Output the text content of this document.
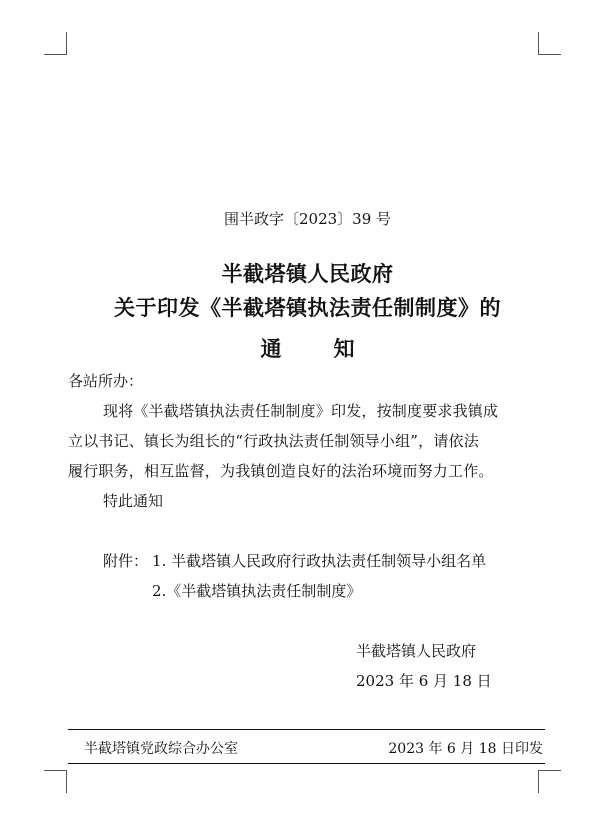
围半政字〔2023〕39 号
半截塔镇人民政府
关于印发《半截塔镇执法责任制制度》的
通知
各站所办：
现将《半截塔镇执法责任制制度》印发，按制度要求我镇成
立以书记、镇长为组长的“行政执法责任制领导小组”，请依法
履行职务，相互监督，为我镇创造良好的法治环境而努力工作。
特此通知
附件： 1. 半截塔镇人民政府行政执法责任制领导小组名单
2.《半截塔镇执法责任制制度》
半截塔镇人民政府
2023 年 6 月 18 日
半截塔镇党政综合办公室	2023 年 6 月 18 日印发
